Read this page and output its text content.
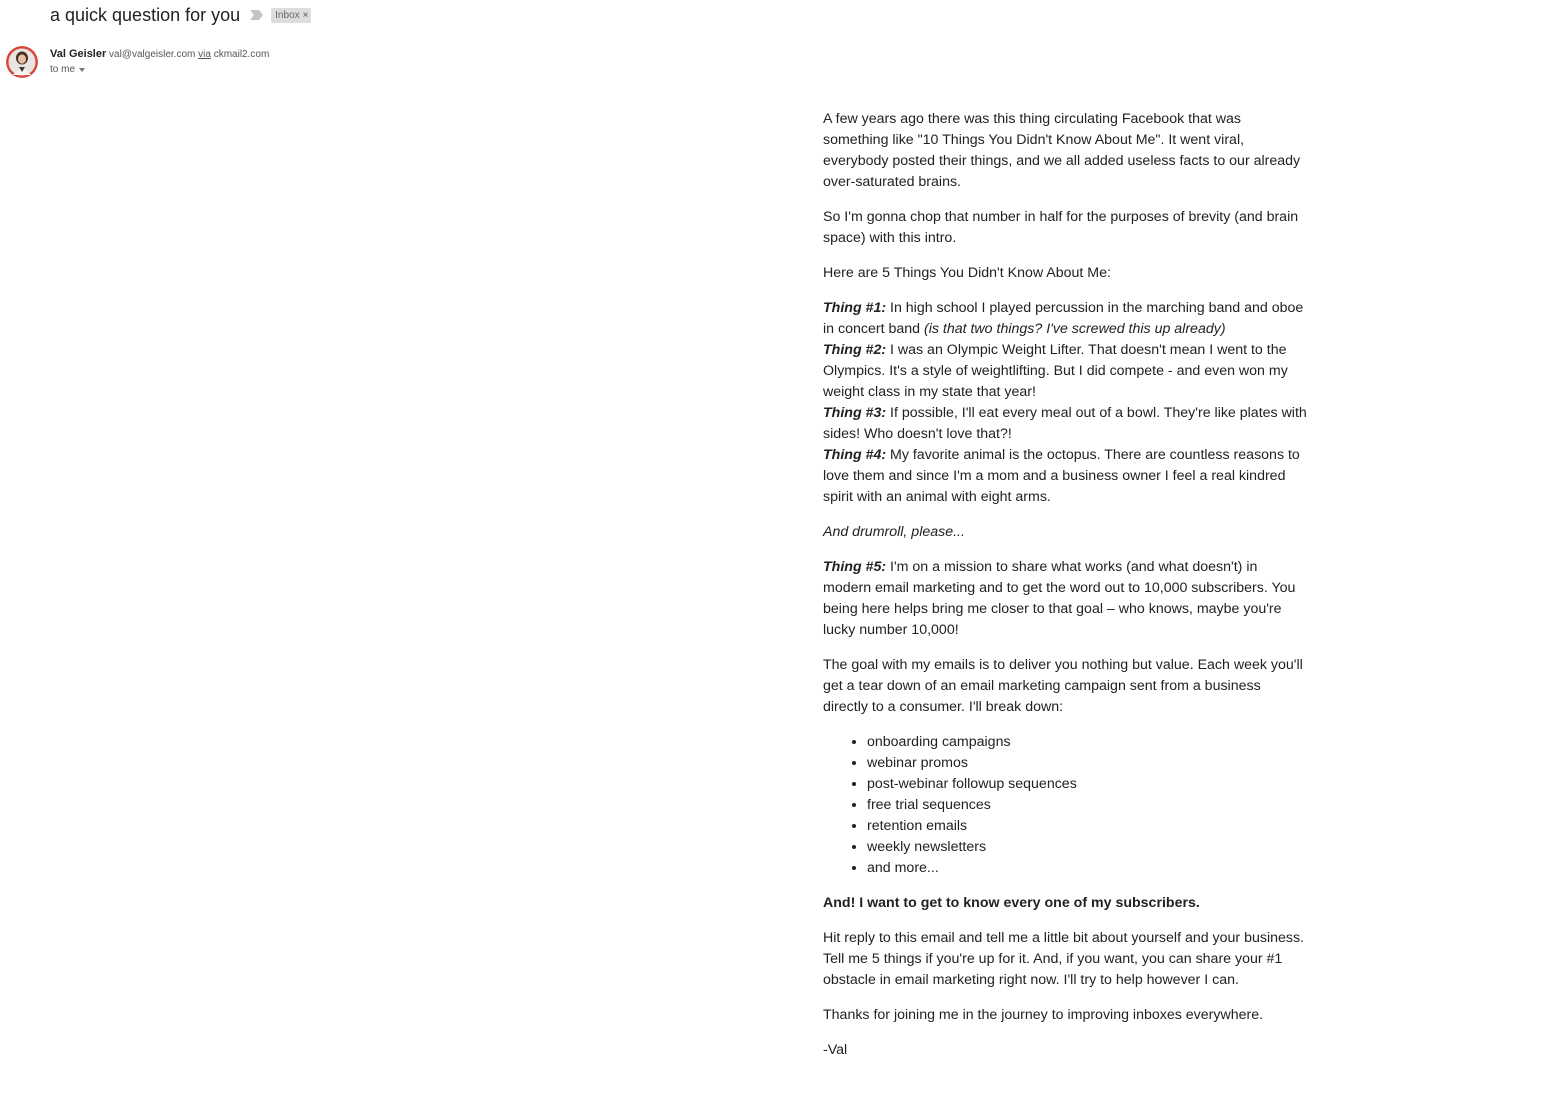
a quick question for you	Inbox ×
Val Geisler val@valgeisler.com via ckmail2.com
to me

A few years ago there was this thing circulating Facebook that was something like "10 Things You Didn't Know About Me". It went viral, everybody posted their things, and we all added useless facts to our already over-saturated brains.

So I'm gonna chop that number in half for the purposes of brevity (and brain space) with this intro.

Here are 5 Things You Didn't Know About Me:

Thing #1: In high school I played percussion in the marching band and oboe in concert band (is that two things? I've screwed this up already)
Thing #2: I was an Olympic Weight Lifter. That doesn't mean I went to the Olympics. It's a style of weightlifting. But I did compete - and even won my weight class in my state that year!
Thing #3: If possible, I'll eat every meal out of a bowl. They're like plates with sides! Who doesn't love that?!
Thing #4: My favorite animal is the octopus. There are countless reasons to love them and since I'm a mom and a business owner I feel a real kindred spirit with an animal with eight arms.

And drumroll, please...

Thing #5: I'm on a mission to share what works (and what doesn't) in modern email marketing and to get the word out to 10,000 subscribers. You being here helps bring me closer to that goal – who knows, maybe you're lucky number 10,000!

The goal with my emails is to deliver you nothing but value. Each week you'll get a tear down of an email marketing campaign sent from a business directly to a consumer. I'll break down:

• onboarding campaigns
• webinar promos
• post-webinar followup sequences
• free trial sequences
• retention emails
• weekly newsletters
• and more...

And! I want to get to know every one of my subscribers.

Hit reply to this email and tell me a little bit about yourself and your business. Tell me 5 things if you're up for it. And, if you want, you can share your #1 obstacle in email marketing right now. I'll try to help however I can.

Thanks for joining me in the journey to improving inboxes everywhere.

-Val
